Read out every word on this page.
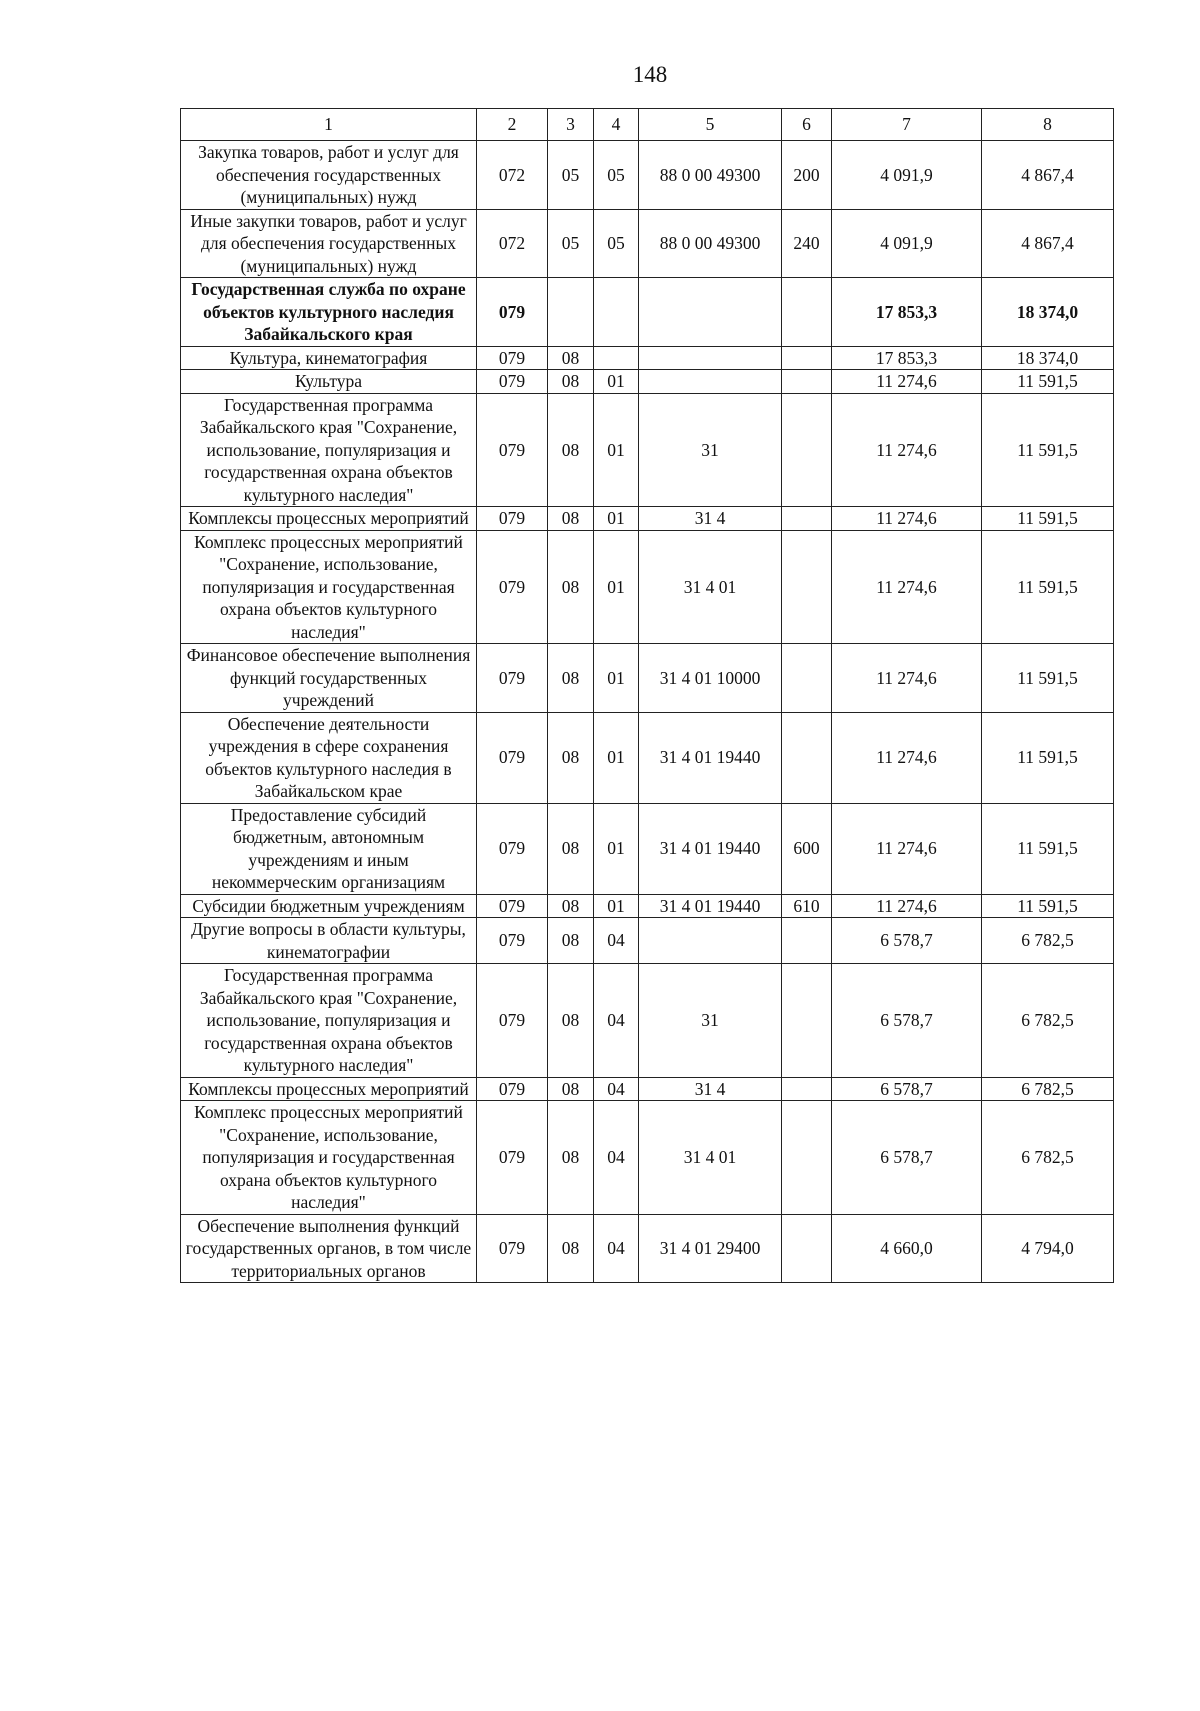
148
1	2	3	4	5	6	7	8
Закупка товаров, работ и услуг для обеспечения государственных (муниципальных) нужд	072	05	05	88 0 00 49300	200	4 091,9	4 867,4
Иные закупки товаров, работ и услуг для обеспечения государственных (муниципальных) нужд	072	05	05	88 0 00 49300	240	4 091,9	4 867,4
Государственная служба по охране объектов культурного наследия Забайкальского края	079					17 853,3	18 374,0
Культура, кинематография	079	08				17 853,3	18 374,0
Культура	079	08	01			11 274,6	11 591,5
Государственная программа Забайкальского края "Сохранение, использование, популяризация и государственная охрана объектов культурного наследия"	079	08	01	31		11 274,6	11 591,5
Комплексы процессных мероприятий	079	08	01	31 4		11 274,6	11 591,5
Комплекс процессных мероприятий "Сохранение, использование, популяризация и государственная охрана объектов культурного наследия"	079	08	01	31 4 01		11 274,6	11 591,5
Финансовое обеспечение выполнения функций государственных учреждений	079	08	01	31 4 01 10000		11 274,6	11 591,5
Обеспечение деятельности учреждения в сфере сохранения объектов культурного наследия в Забайкальском крае	079	08	01	31 4 01 19440		11 274,6	11 591,5
Предоставление субсидий бюджетным, автономным учреждениям и иным некоммерческим организациям	079	08	01	31 4 01 19440	600	11 274,6	11 591,5
Субсидии бюджетным учреждениям	079	08	01	31 4 01 19440	610	11 274,6	11 591,5
Другие вопросы в области культуры, кинематографии	079	08	04			6 578,7	6 782,5
Государственная программа Забайкальского края "Сохранение, использование, популяризация и государственная охрана объектов культурного наследия"	079	08	04	31		6 578,7	6 782,5
Комплексы процессных мероприятий	079	08	04	31 4		6 578,7	6 782,5
Комплекс процессных мероприятий "Сохранение, использование, популяризация и государственная охрана объектов культурного наследия"	079	08	04	31 4 01		6 578,7	6 782,5
Обеспечение выполнения функций государственных органов, в том числе территориальных органов	079	08	04	31 4 01 29400		4 660,0	4 794,0
